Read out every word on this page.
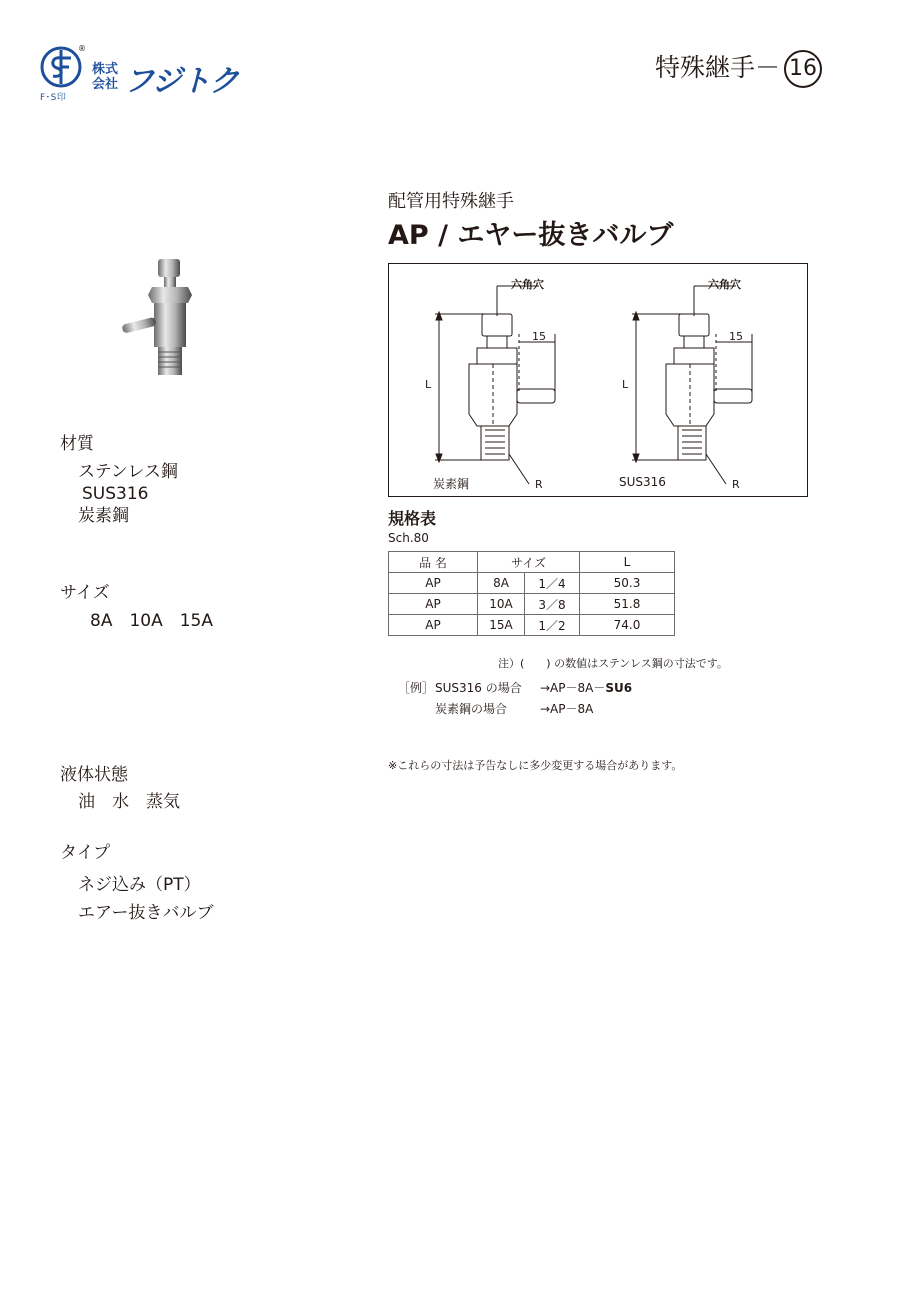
®
F･S印
株式会社 フジトク	特殊継手－ 16
配管用特殊継手
AP / エヤー抜きバルブ
材質
ステンレス鋼
SUS316
炭素鋼
サイズ
8A　10A　15A
液体状態
油　水　蒸気
タイプ
ネジ込み（PT）
エアー抜きバルブ
六角穴	六角穴
15	15
L	L
R	R
炭素鋼	SUS316
規格表
Sch.80
品 名	サイズ		L
AP	8A	1／4	50.3
AP	10A	3／8	51.8
AP	15A	1／2	74.0
注）(　　) の数値はステンレス鋼の寸法です。
［例］ SUS316 の場合 →AP－8A－SU6
炭素鋼の場合	→AP－8A
※これらの寸法は予告なしに多少変更する場合があります。
